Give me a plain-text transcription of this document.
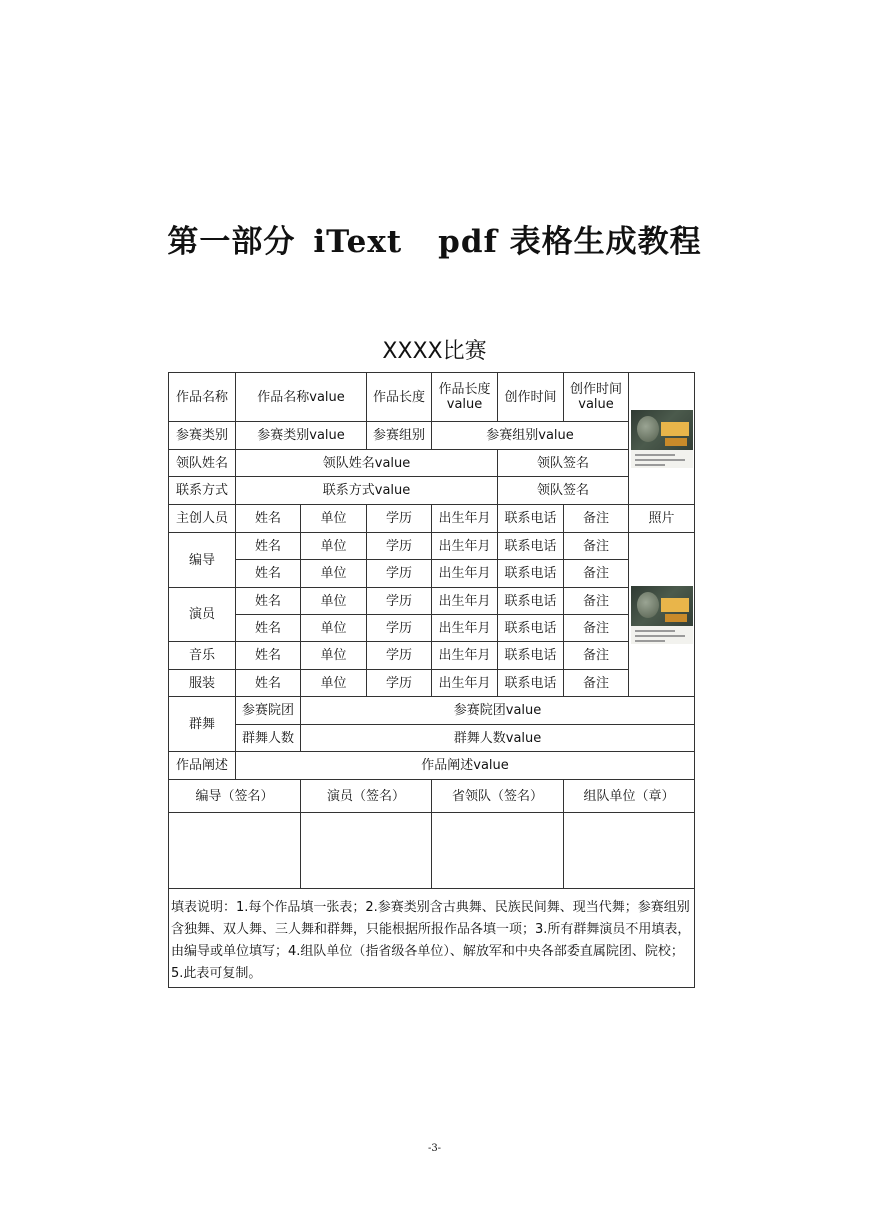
第一部分 iText pdf 表格生成教程
XXXX比赛
作品名称	作品名称value		作品长度	作品长度value	创作时间	创作时间value	

参赛类别	参赛类别value		参赛组别	参赛组别value			
领队姓名	领队姓名value				领队签名		
联系方式	联系方式value				领队签名		
主创人员	姓名	单位	学历	出生年月	联系电话	备注	照片
编导	姓名	单位	学历	出生年月	联系电话	备注	

	姓名	单位	学历	出生年月	联系电话	备注	
演员	姓名	单位	学历	出生年月	联系电话	备注	
	姓名	单位	学历	出生年月	联系电话	备注	
音乐	姓名	单位	学历	出生年月	联系电话	备注	
服装	姓名	单位	学历	出生年月	联系电话	备注	
群舞	参赛院团	参赛院团value					
	群舞人数	群舞人数value					
作品阐述	作品阐述value						
编导（签名）		演员（签名）		省领队（签名）		组队单位（章）	

填表说明：1.每个作品填一张表；2.参赛类别含古典舞、民族民间舞、现当代舞；参赛组别含独舞、双人舞、三人舞和群舞，只能根据所报作品各填一项；3.所有群舞演员不用填表，由编导或单位填写；4.组队单位（指省级各单位）、解放军和中央各部委直属院团、院校；5.此表可复制。							
-3-
